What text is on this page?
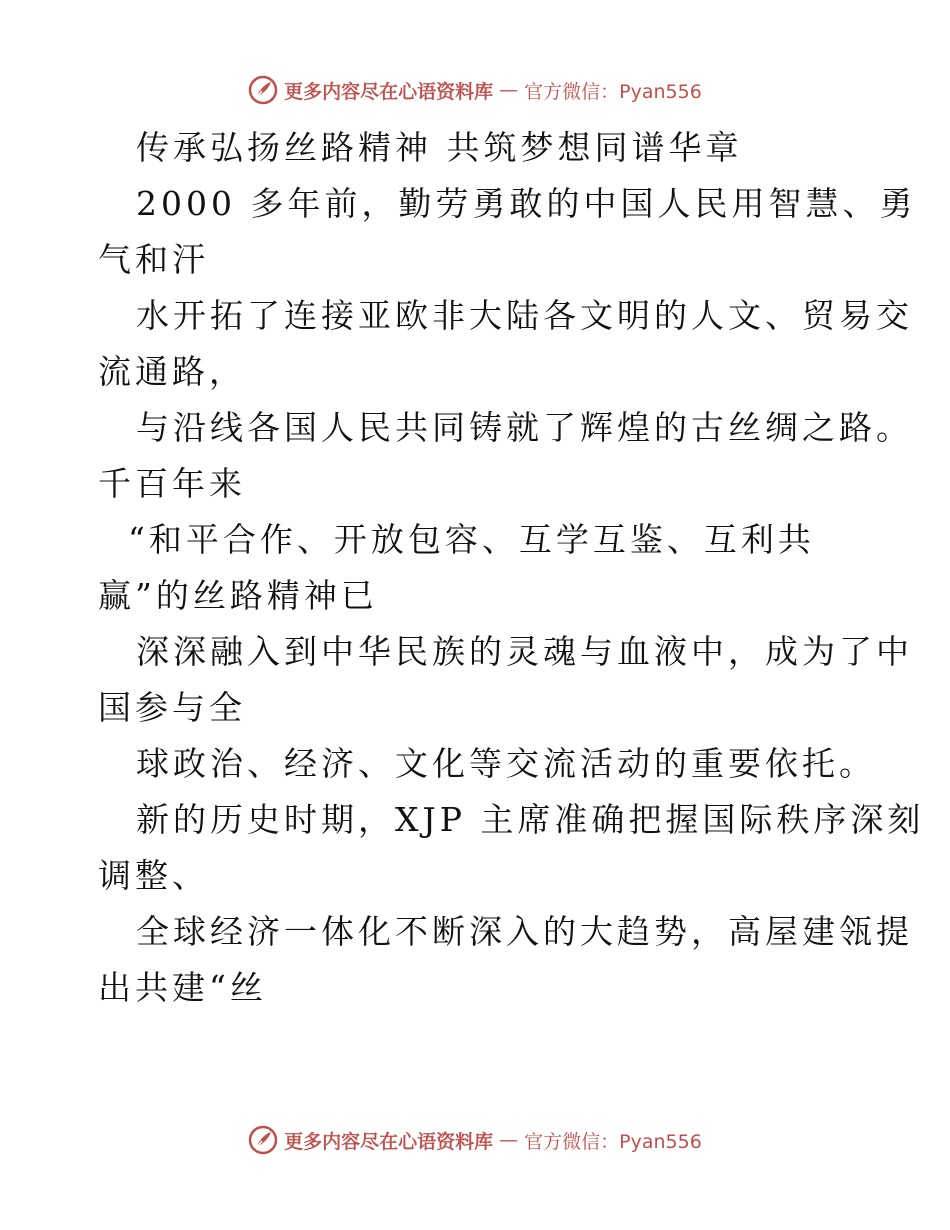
更多内容尽在心语资料库 — 官方微信：Pyan556
传承弘扬丝路精神 共筑梦想同谱华章
2000 多年前，勤劳勇敢的中国人民用智慧、勇
气和汗
水开拓了连接亚欧非大陆各文明的人文、贸易交
流通路，
与沿线各国人民共同铸就了辉煌的古丝绸之路。
千百年来
“和平合作、开放包容、互学互鉴、互利共
赢”的丝路精神已
深深融入到中华民族的灵魂与血液中，成为了中
国参与全
球政治、经济、文化等交流活动的重要依托。
新的历史时期，XJP 主席准确把握国际秩序深刻
调整、
全球经济一体化不断深入的大趋势，高屋建瓴提
出共建“丝
更多内容尽在心语资料库 — 官方微信：Pyan556
